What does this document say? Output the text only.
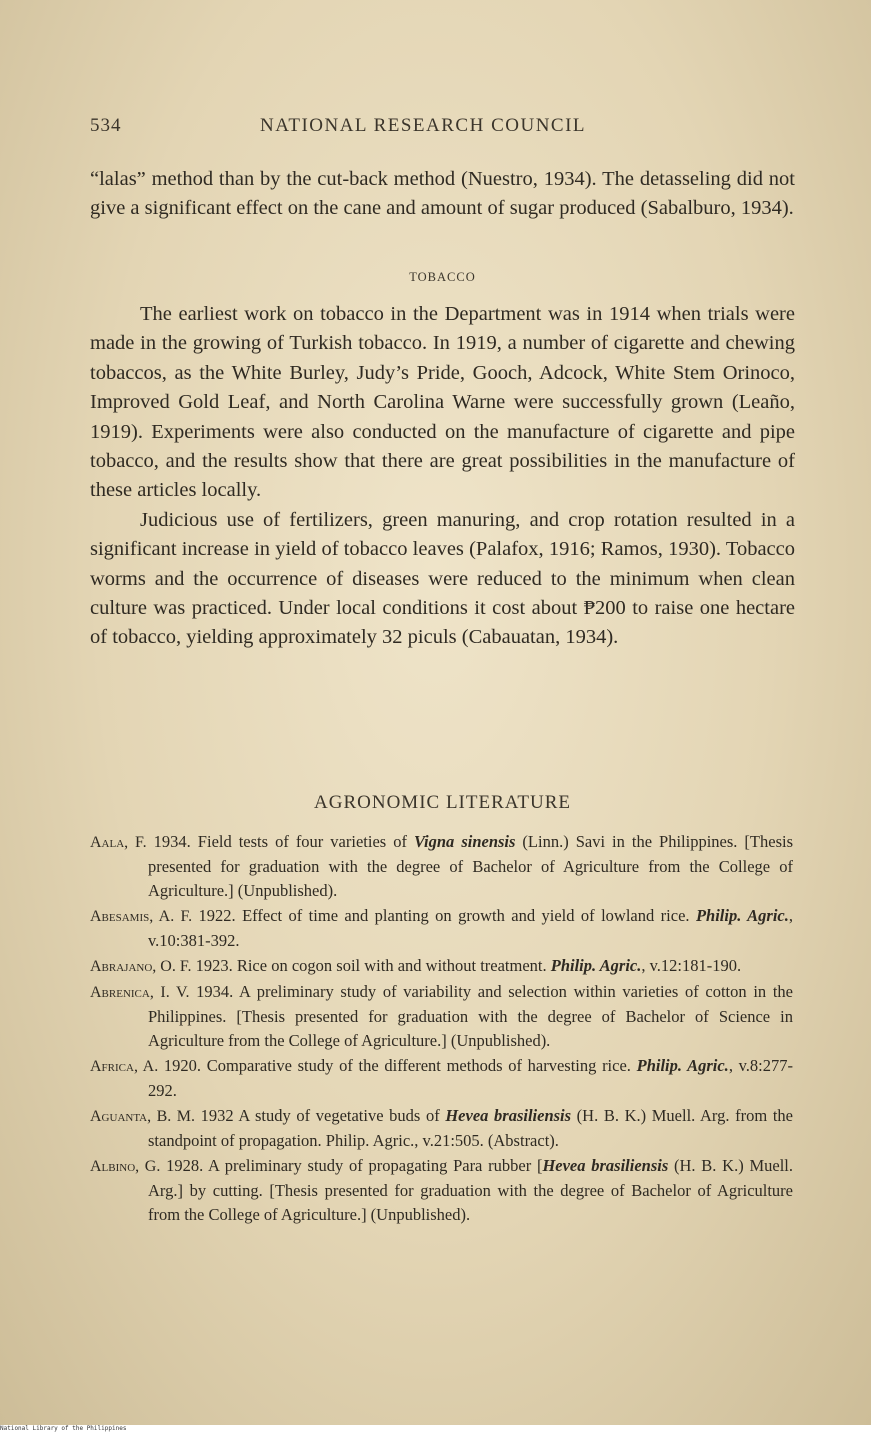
534	NATIONAL RESEARCH COUNCIL

“lalas” method than by the cut-back method (Nuestro, 1934). The detasseling did not give a significant effect on the cane and amount of sugar produced (Sabalburo, 1934).

TOBACCO

The earliest work on tobacco in the Department was in 1914 when trials were made in the growing of Turkish tobacco. In 1919, a number of cigarette and chewing tobaccos, as the White Burley, Judy’s Pride, Gooch, Adcock, White Stem Orinoco, Improved Gold Leaf, and North Carolina Warne were successfully grown (Leaño, 1919). Experiments were also conducted on the manufacture of cigarette and pipe tobacco, and the results show that there are great possibilities in the manufacture of these articles locally.

Judicious use of fertilizers, green manuring, and crop rotation resulted in a significant increase in yield of tobacco leaves (Palafox, 1916; Ramos, 1930). Tobacco worms and the occurrence of diseases were reduced to the minimum when clean culture was practiced. Under local conditions it cost about ₱200 to raise one hectare of tobacco, yielding approximately 32 piculs (Cabauatan, 1934).

AGRONOMIC LITERATURE

Aala, F. 1934. Field tests of four varieties of Vigna sinensis (Linn.) Savi in the Philippines. [Thesis presented for graduation with the degree of Bachelor of Agriculture from the College of Agriculture.] (Unpublished).

Abesamis, A. F. 1922. Effect of time and planting on growth and yield of lowland rice. Philip. Agric., v.10:381-392.

Abrajano, O. F. 1923. Rice on cogon soil with and without treatment. Philip. Agric., v.12:181-190.

Abrenica, I. V. 1934. A preliminary study of variability and selection within varieties of cotton in the Philippines. [Thesis presented for graduation with the degree of Bachelor of Science in Agriculture from the College of Agriculture.] (Unpublished).

Africa, A. 1920. Comparative study of the different methods of harvesting rice. Philip. Agric., v.8:277-292.

Aguanta, B. M. 1932 A study of vegetative buds of Hevea brasiliensis (H. B. K.) Muell. Arg. from the standpoint of propagation. Philip. Agric., v.21:505. (Abstract).

Albino, G. 1928. A preliminary study of propagating Para rubber [Hevea brasiliensis (H. B. K.) Muell. Arg.] by cutting. [Thesis presented for graduation with the degree of Bachelor of Agriculture from the College of Agriculture.] (Unpublished).

National Library of the Philippines
